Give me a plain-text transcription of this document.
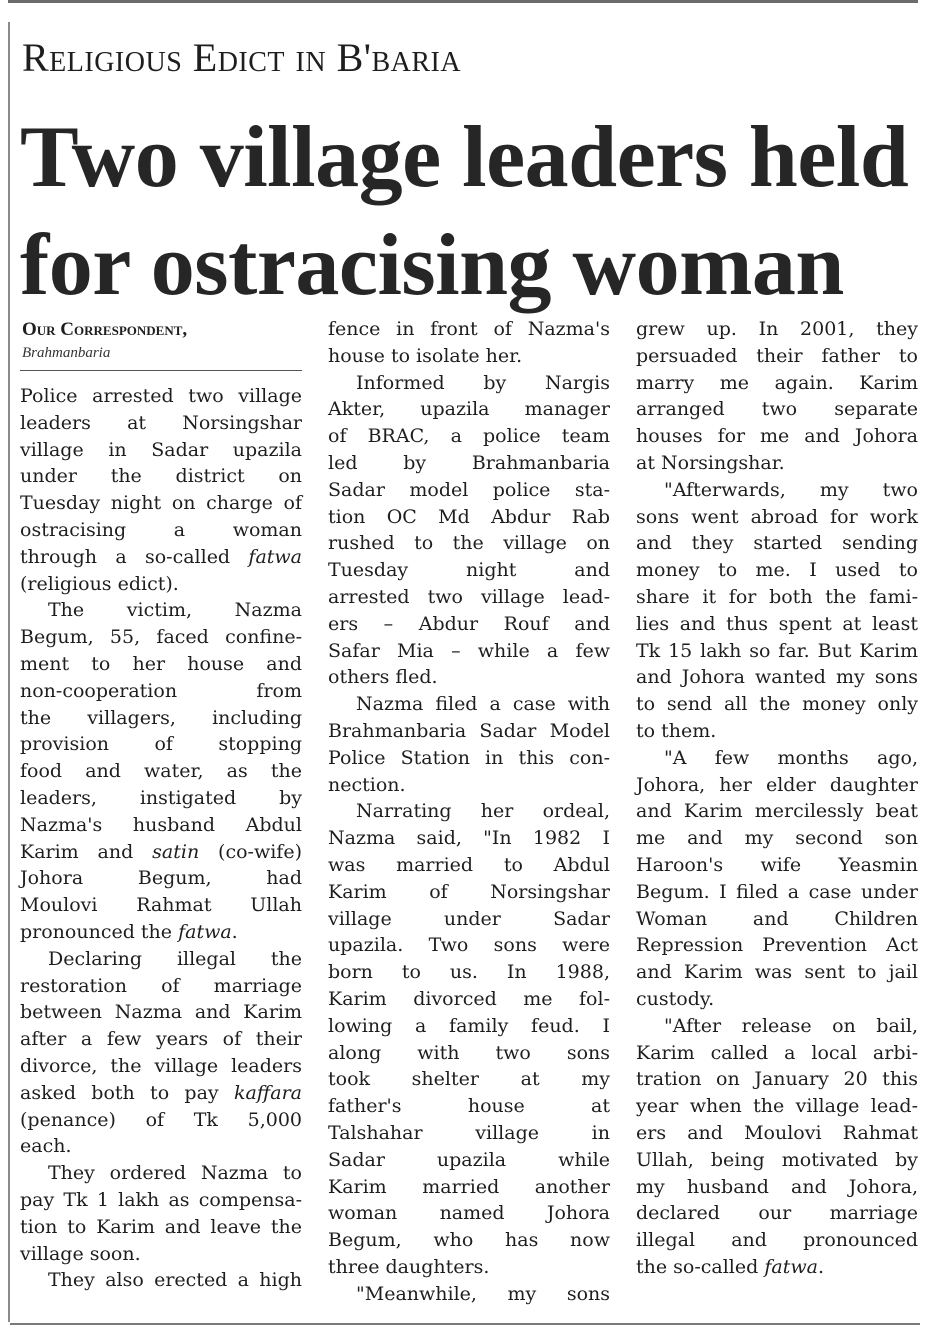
Religious Edict in B'baria
Two village leaders held for ostracising woman
Our Correspondent,
Brahmanbaria

Police arrested two village

leaders at Norsingshar

village in Sadar upazila

under the district on

Tuesday night on charge of

ostracising a woman

through a so-called fatwa

(religious edict).

The victim, Nazma

Begum, 55, faced confine-

ment to her house and

non-cooperation from

the villagers, including

provision of stopping

food and water, as the

leaders, instigated by

Nazma's husband Abdul

Karim and satin (co-wife)

Johora Begum, had

Moulovi Rahmat Ullah

pronounced the fatwa.

Declaring illegal the

restoration of marriage

between Nazma and Karim

after a few years of their

divorce, the village leaders

asked both to pay kaffara

(penance) of Tk 5,000

each.

They ordered Nazma to

pay Tk 1 lakh as compensa-

tion to Karim and leave the

village soon.

They also erected a high

fence in front of Nazma's

house to isolate her.

Informed by Nargis

Akter, upazila manager

of BRAC, a police team

led by Brahmanbaria

Sadar model police sta-

tion OC Md Abdur Rab

rushed to the village on

Tuesday night and

arrested two village lead-

ers – Abdur Rouf and

Safar Mia – while a few

others fled.

Nazma filed a case with

Brahmanbaria Sadar Model

Police Station in this con-

nection.

Narrating her ordeal,

Nazma said, "In 1982 I

was married to Abdul

Karim of Norsingshar

village under Sadar

upazila. Two sons were

born to us. In 1988,

Karim divorced me fol-

lowing a family feud. I

along with two sons

took shelter at my

father's house at

Talshahar village in

Sadar upazila while

Karim married another

woman named Johora

Begum, who has now

three daughters.

"Meanwhile, my sons

grew up. In 2001, they

persuaded their father to

marry me again. Karim

arranged two separate

houses for me and Johora

at Norsingshar.

"Afterwards, my two

sons went abroad for work

and they started sending

money to me. I used to

share it for both the fami-

lies and thus spent at least

Tk 15 lakh so far. But Karim

and Johora wanted my sons

to send all the money only

to them.

"A few months ago,

Johora, her elder daughter

and Karim mercilessly beat

me and my second son

Haroon's wife Yeasmin

Begum. I filed a case under

Woman and Children

Repression Prevention Act

and Karim was sent to jail

custody.

"After release on bail,

Karim called a local arbi-

tration on January 20 this

year when the village lead-

ers and Moulovi Rahmat

Ullah, being motivated by

my husband and Johora,

declared our marriage

illegal and pronounced

the so-called fatwa.
